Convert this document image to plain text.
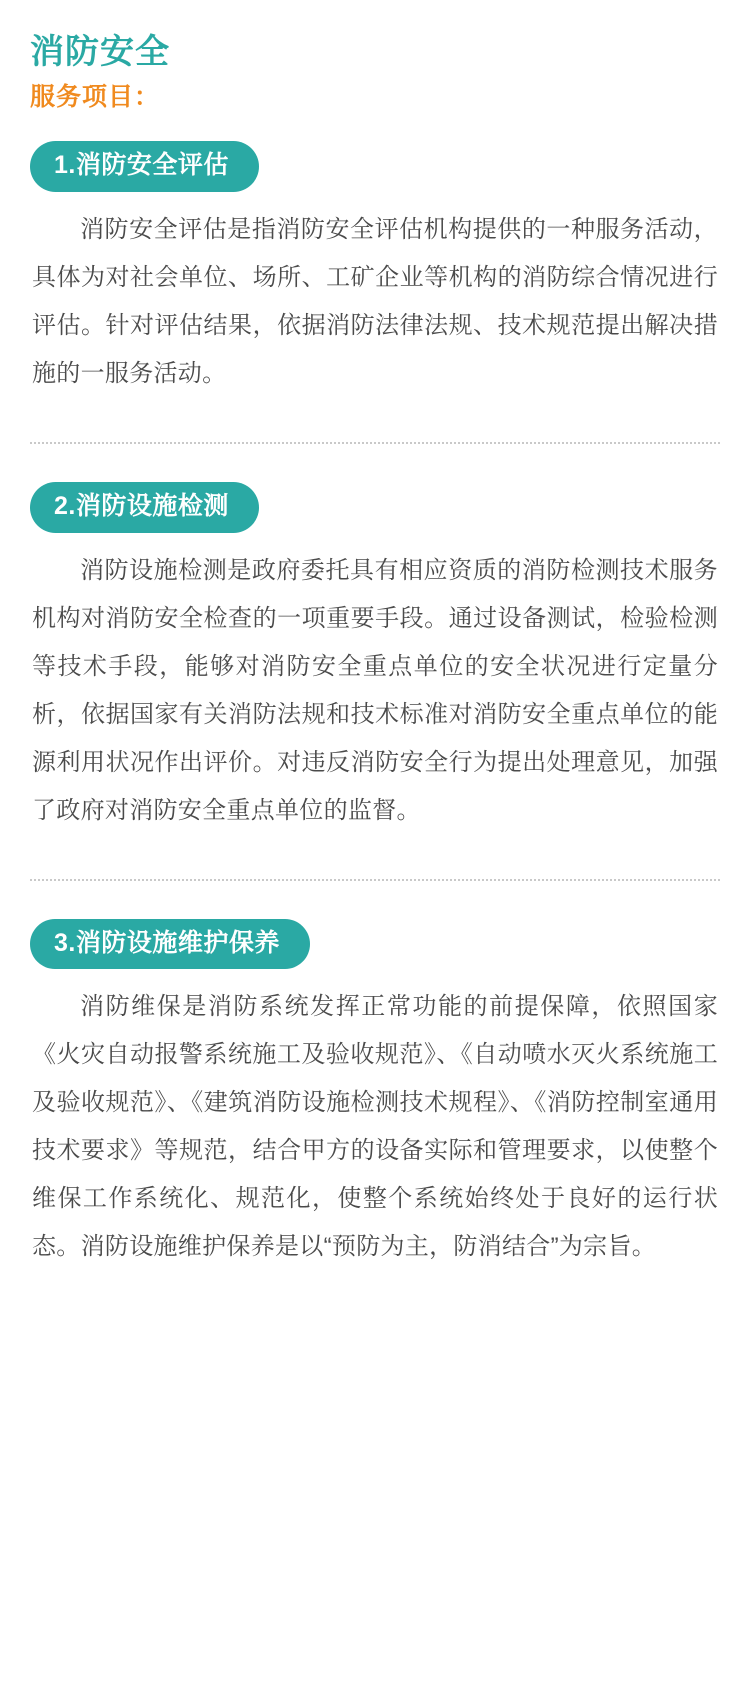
消防安全
服务项目：
1.消防安全评估

消防安全评估是指消防安全评估机构提供的一种服务活动，具体为对社会单位、场所、工矿企业等机构的消防综合情况进行评估。针对评估结果，依据消防法律法规、技术规范提出解决措施的一服务活动。

2.消防设施检测

消防设施检测是政府委托具有相应资质的消防检测技术服务机构对消防安全检查的一项重要手段。通过设备测试，检验检测等技术手段，能够对消防安全重点单位的安全状况进行定量分析，依据国家有关消防法规和技术标准对消防安全重点单位的能源利用状况作出评价。对违反消防安全行为提出处理意见，加强了政府对消防安全重点单位的监督。

3.消防设施维护保养

消防维保是消防系统发挥正常功能的前提保障，依照国家《火灾自动报警系统施工及验收规范》、《自动喷水灭火系统施工及验收规范》、《建筑消防设施检测技术规程》、《消防控制室通用技术要求》等规范，结合甲方的设备实际和管理要求，以使整个维保工作系统化、规范化，使整个系统始终处于良好的运行状态。消防设施维护保养是以“预防为主，防消结合”为宗旨。
